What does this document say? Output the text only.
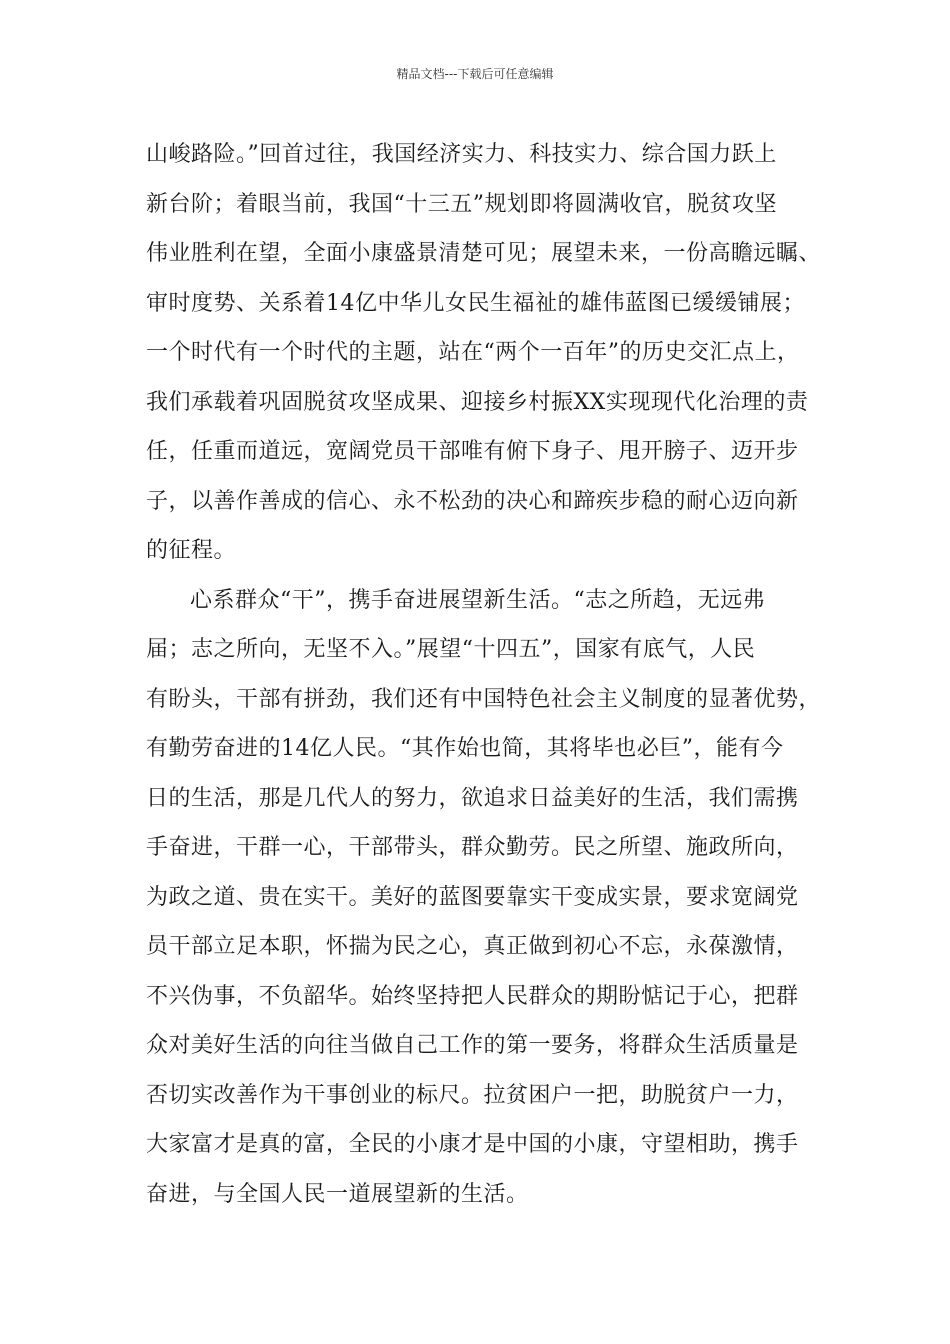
精品文档---下载后可任意编辑
山峻路险。”回首过往，我国经济实力、科技实力、综合国力跃上
新台阶；着眼当前，我国“十三五”规划即将圆满收官，脱贫攻坚
伟业胜利在望，全面小康盛景清楚可见；展望未来，一份高瞻远瞩、
审时度势、关系着14亿中华儿女民生福祉的雄伟蓝图已缓缓铺展；
一个时代有一个时代的主题，站在“两个一百年”的历史交汇点上，
我们承载着巩固脱贫攻坚成果、迎接乡村振XX实现现代化治理的责
任，任重而道远，宽阔党员干部唯有俯下身子、甩开膀子、迈开步
子，以善作善成的信心、永不松劲的决心和蹄疾步稳的耐心迈向新
的征程。
心系群众“干”，携手奋进展望新生活。“志之所趋，无远弗
届；志之所向，无坚不入。”展望“十四五”，国家有底气，人民
有盼头，干部有拼劲，我们还有中国特色社会主义制度的显著优势，
有勤劳奋进的14亿人民。“其作始也简，其将毕也必巨”，能有今
日的生活，那是几代人的努力，欲追求日益美好的生活，我们需携
手奋进，干群一心，干部带头，群众勤劳。民之所望、施政所向，
为政之道、贵在实干。美好的蓝图要靠实干变成实景，要求宽阔党
员干部立足本职，怀揣为民之心，真正做到初心不忘，永葆激情，
不兴伪事，不负韶华。始终坚持把人民群众的期盼惦记于心，把群
众对美好生活的向往当做自己工作的第一要务，将群众生活质量是
否切实改善作为干事创业的标尺。拉贫困户一把，助脱贫户一力，
大家富才是真的富，全民的小康才是中国的小康，守望相助，携手
奋进，与全国人民一道展望新的生活。
